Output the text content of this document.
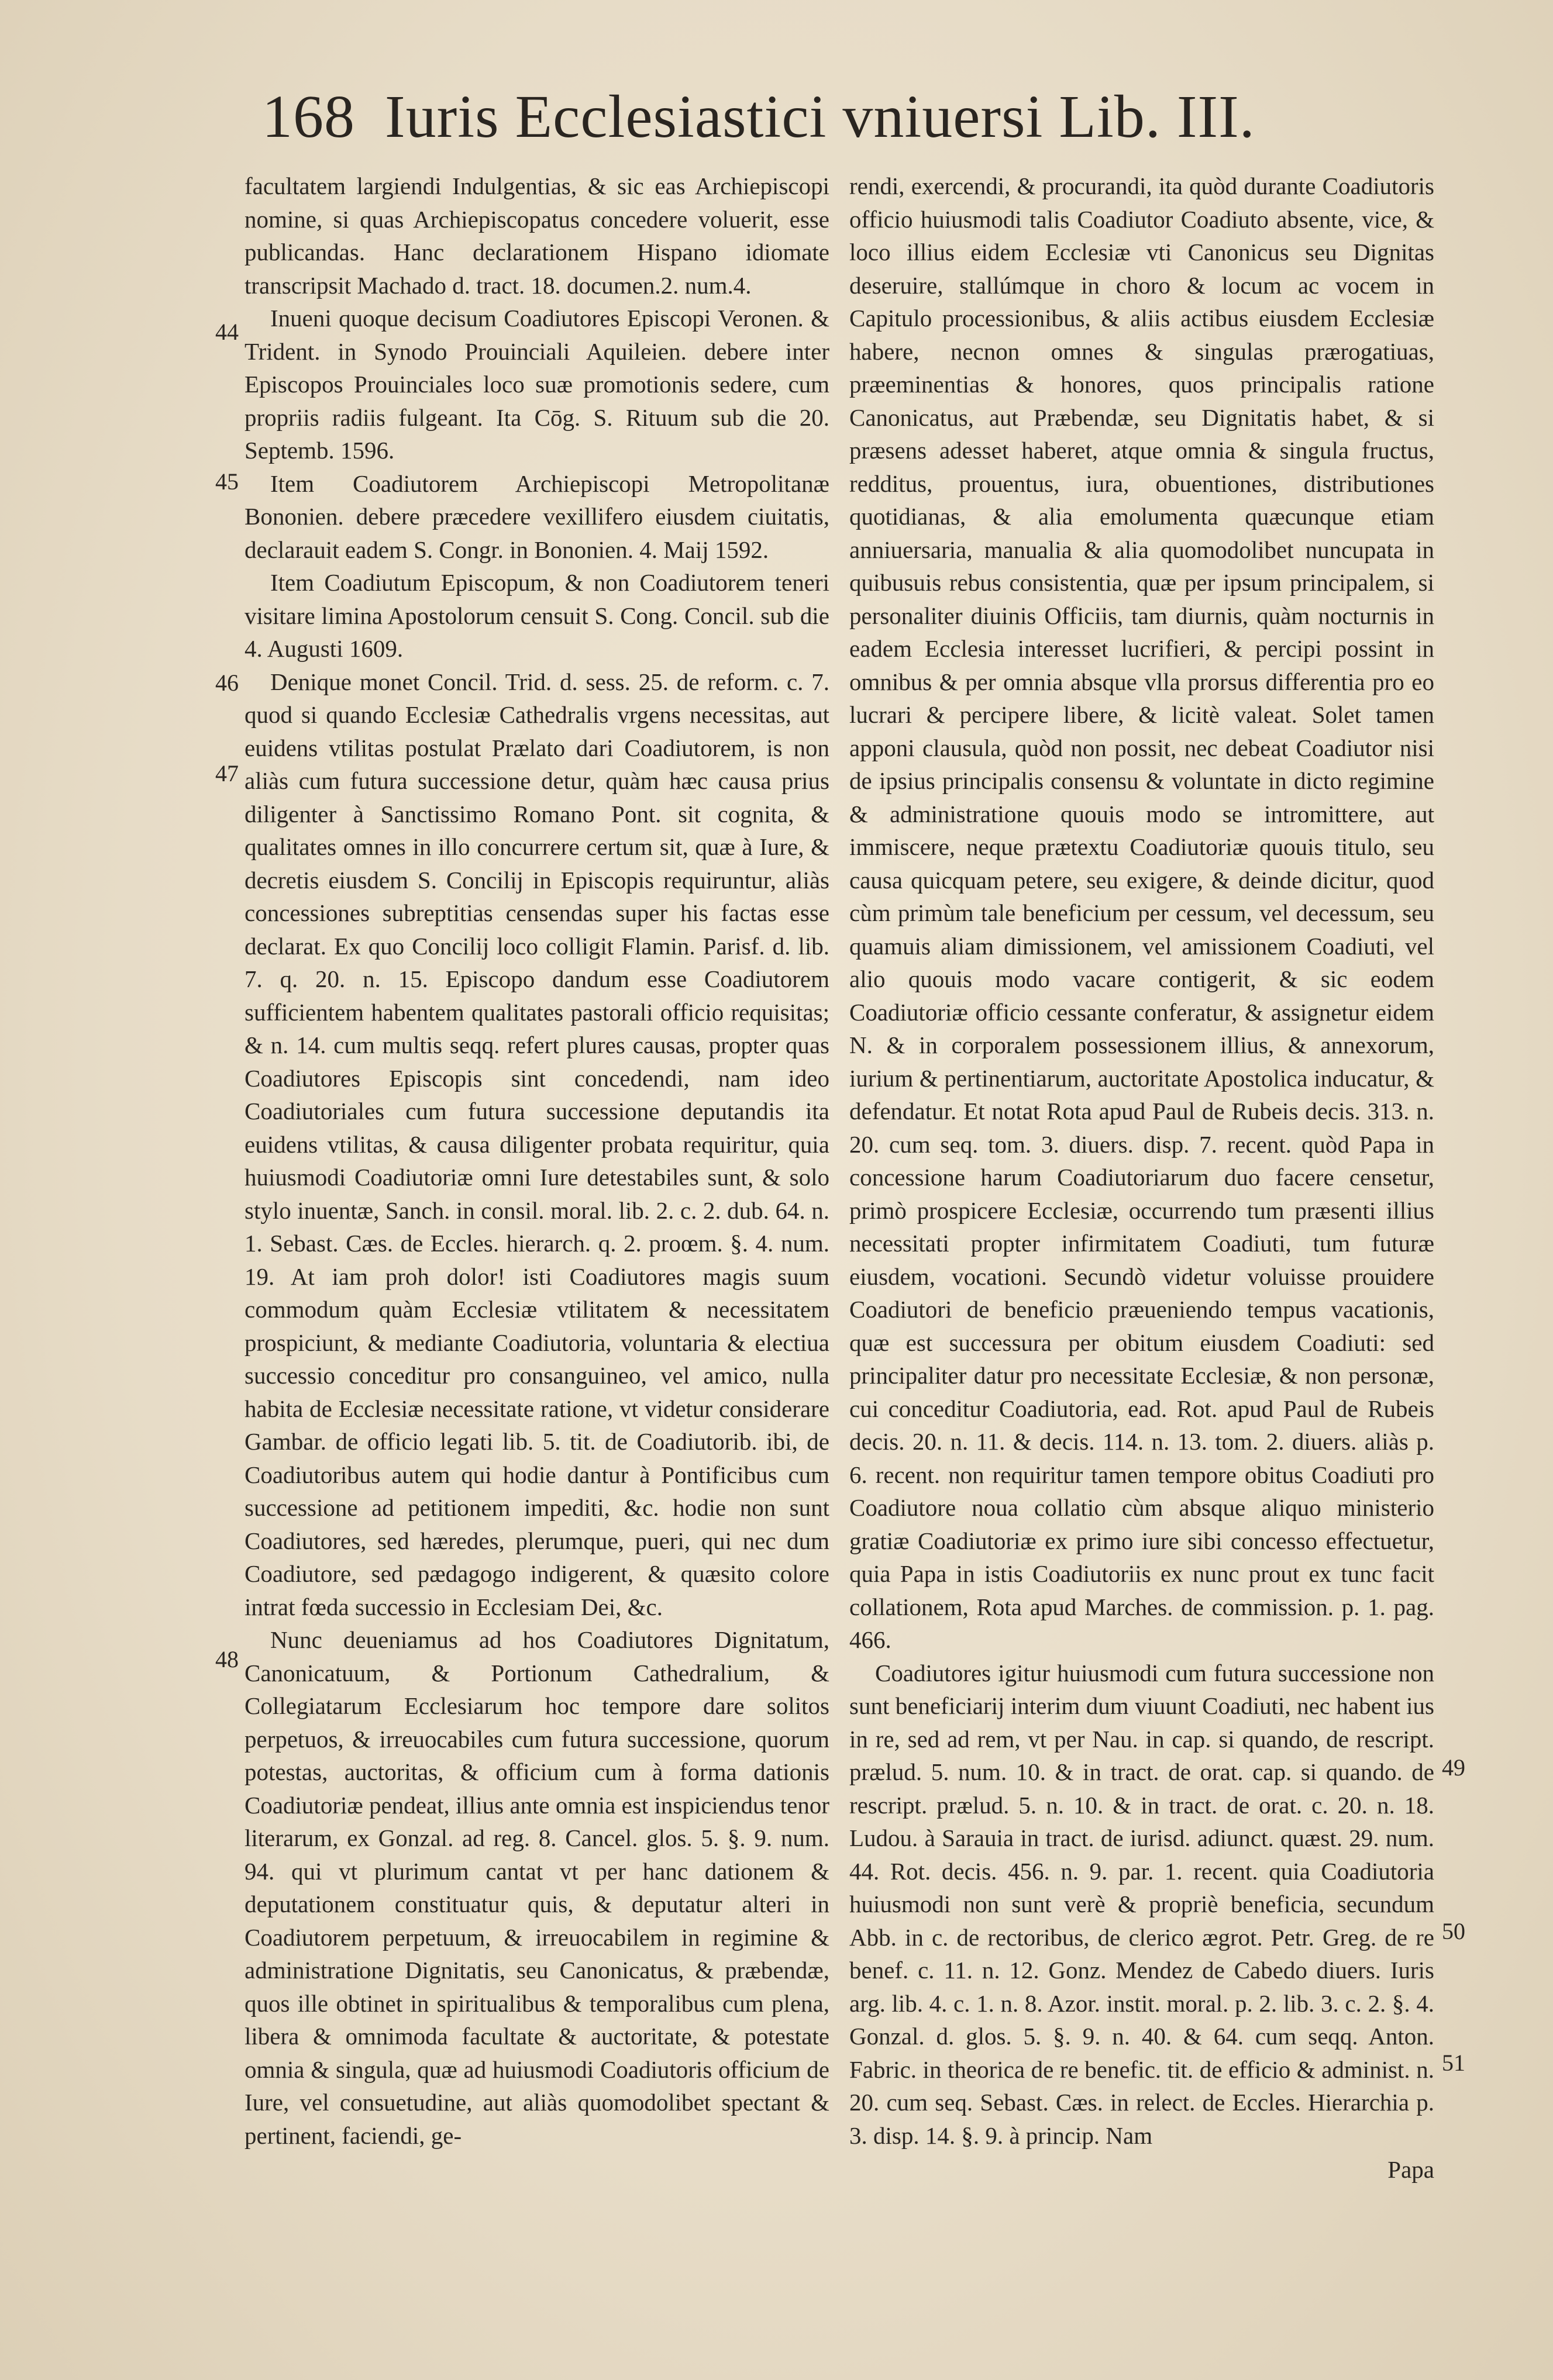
168 Iuris Ecclesiastici vniuersi Lib. III.
44
45
46
47
48
49
50
51

facultatem largiendi Indulgentias, & sic eas Archiepiscopi nomine, si quas Archiepiscopatus concedere voluerit, esse publicandas. Hanc declarationem Hispano idiomate transcripsit Machado d. tract. 18. documen.2. num.4.

Inueni quoque decisum Coadiutores Episcopi Veronen. & Trident. in Synodo Prouinciali Aquileien. debere inter Episcopos Prouinciales loco suæ promotionis sedere, cum propriis radiis fulgeant. Ita Cōg. S. Rituum sub die 20. Septemb. 1596.

Item Coadiutorem Archiepiscopi Metropolitanæ Bononien. debere præcedere vexillifero eiusdem ciuitatis, declarauit eadem S. Congr. in Bononien. 4. Maij 1592.

Item Coadiutum Episcopum, & non Coadiutorem teneri visitare limina Apostolorum censuit S. Cong. Concil. sub die 4. Augusti 1609.

Denique monet Concil. Trid. d. sess. 25. de reform. c. 7. quod si quando Ecclesiæ Cathedralis vrgens necessitas, aut euidens vtilitas postulat Prælato dari Coadiutorem, is non aliàs cum futura successione detur, quàm hæc causa prius diligenter à Sanctissimo Romano Pont. sit cognita, & qualitates omnes in illo concurrere certum sit, quæ à Iure, & decretis eiusdem S. Concilij in Episcopis requiruntur, aliàs concessiones subreptitias censendas super his factas esse declarat. Ex quo Concilij loco colligit Flamin. Parisf. d. lib. 7. q. 20. n. 15. Episcopo dandum esse Coadiutorem sufficientem habentem qualitates pastorali officio requisitas; & n. 14. cum multis seqq. refert plures causas, propter quas Coadiutores Episcopis sint concedendi, nam ideo Coadiutoriales cum futura successione deputandis ita euidens vtilitas, & causa diligenter probata requiritur, quia huiusmodi Coadiutoriæ omni Iure detestabiles sunt, & solo stylo inuentæ, Sanch. in consil. moral. lib. 2. c. 2. dub. 64. n. 1. Sebast. Cæs. de Eccles. hierarch. q. 2. proœm. §. 4. num. 19. At iam proh dolor! isti Coadiutores magis suum commodum quàm Ecclesiæ vtilitatem & necessitatem prospiciunt, & mediante Coadiutoria, voluntaria & electiua successio conceditur pro consanguineo, vel amico, nulla habita de Ecclesiæ necessitate ratione, vt videtur considerare Gambar. de officio legati lib. 5. tit. de Coadiutorib. ibi, de Coadiutoribus autem qui hodie dantur à Pontificibus cum successione ad petitionem impediti, &c. hodie non sunt Coadiutores, sed hæredes, plerumque, pueri, qui nec dum Coadiutore, sed pædagogo indigerent, & quæsito colore intrat fœda successio in Ecclesiam Dei, &c.

Nunc deueniamus ad hos Coadiutores Dignitatum, Canonicatuum, & Portionum Cathedralium, & Collegiatarum Ecclesiarum hoc tempore dare solitos perpetuos, & irreuocabiles cum futura successione, quorum potestas, auctoritas, & officium cum à forma dationis Coadiutoriæ pendeat, illius ante omnia est inspiciendus tenor literarum, ex Gonzal. ad reg. 8. Cancel. glos. 5. §. 9. num. 94. qui vt plurimum cantat vt per hanc dationem & deputationem constituatur quis, & deputatur alteri in Coadiutorem perpetuum, & irreuocabilem in regimine & administratione Dignitatis, seu Canonicatus, & præbendæ, quos ille obtinet in spiritualibus & temporalibus cum plena, libera & omnimoda facultate & auctoritate, & potestate omnia & singula, quæ ad huiusmodi Coadiutoris officium de Iure, vel consuetudine, aut aliàs quomodolibet spectant & pertinent, faciendi, ge-

rendi, exercendi, & procurandi, ita quòd durante Coadiutoris officio huiusmodi talis Coadiutor Coadiuto absente, vice, & loco illius eidem Ecclesiæ vti Canonicus seu Dignitas deseruire, stallúmque in choro & locum ac vocem in Capitulo processionibus, & aliis actibus eiusdem Ecclesiæ habere, necnon omnes & singulas prærogatiuas, præeminentias & honores, quos principalis ratione Canonicatus, aut Præbendæ, seu Dignitatis habet, & si præsens adesset haberet, atque omnia & singula fructus, redditus, prouentus, iura, obuentiones, distributiones quotidianas, & alia emolumenta quæcunque etiam anniuersaria, manualia & alia quomodolibet nuncupata in quibusuis rebus consistentia, quæ per ipsum principalem, si personaliter diuinis Officiis, tam diurnis, quàm nocturnis in eadem Ecclesia interesset lucrifieri, & percipi possint in omnibus & per omnia absque vlla prorsus differentia pro eo lucrari & percipere libere, & licitè valeat. Solet tamen apponi clausula, quòd non possit, nec debeat Coadiutor nisi de ipsius principalis consensu & voluntate in dicto regimine & administratione quouis modo se intromittere, aut immiscere, neque prætextu Coadiutoriæ quouis titulo, seu causa quicquam petere, seu exigere, & deinde dicitur, quod cùm primùm tale beneficium per cessum, vel decessum, seu quamuis aliam dimissionem, vel amissionem Coadiuti, vel alio quouis modo vacare contigerit, & sic eodem Coadiutoriæ officio cessante conferatur, & assignetur eidem N. & in corporalem possessionem illius, & annexorum, iurium & pertinentiarum, auctoritate Apostolica inducatur, & defendatur. Et notat Rota apud Paul de Rubeis decis. 313. n. 20. cum seq. tom. 3. diuers. disp. 7. recent. quòd Papa in concessione harum Coadiutoriarum duo facere censetur, primò prospicere Ecclesiæ, occurrendo tum præsenti illius necessitati propter infirmitatem Coadiuti, tum futuræ eiusdem, vocationi. Secundò videtur voluisse prouidere Coadiutori de beneficio præueniendo tempus vacationis, quæ est successura per obitum eiusdem Coadiuti: sed principaliter datur pro necessitate Ecclesiæ, & non personæ, cui conceditur Coadiutoria, ead. Rot. apud Paul de Rubeis decis. 20. n. 11. & decis. 114. n. 13. tom. 2. diuers. aliàs p. 6. recent. non requiritur tamen tempore obitus Coadiuti pro Coadiutore noua collatio cùm absque aliquo ministerio gratiæ Coadiutoriæ ex primo iure sibi concesso effectuetur, quia Papa in istis Coadiutoriis ex nunc prout ex tunc facit collationem, Rota apud Marches. de commission. p. 1. pag. 466.

Coadiutores igitur huiusmodi cum futura successione non sunt beneficiarij interim dum viuunt Coadiuti, nec habent ius in re, sed ad rem, vt per Nau. in cap. si quando, de rescript. prælud. 5. num. 10. & in tract. de orat. cap. si quando. de rescript. prælud. 5. n. 10. & in tract. de orat. c. 20. n. 18. Ludou. à Sarauia in tract. de iurisd. adiunct. quæst. 29. num. 44. Rot. decis. 456. n. 9. par. 1. recent. quia Coadiutoria huiusmodi non sunt verè & propriè beneficia, secundum Abb. in c. de rectoribus, de clerico ægrot. Petr. Greg. de re benef. c. 11. n. 12. Gonz. Mendez de Cabedo diuers. Iuris arg. lib. 4. c. 1. n. 8. Azor. instit. moral. p. 2. lib. 3. c. 2. §. 4. Gonzal. d. glos. 5. §. 9. n. 40. & 64. cum seqq. Anton. Fabric. in theorica de re benefic. tit. de efficio & administ. n. 20. cum seq. Sebast. Cæs. in relect. de Eccles. Hierarchia p. 3. disp. 14. §. 9. à princip. Nam

Papa
